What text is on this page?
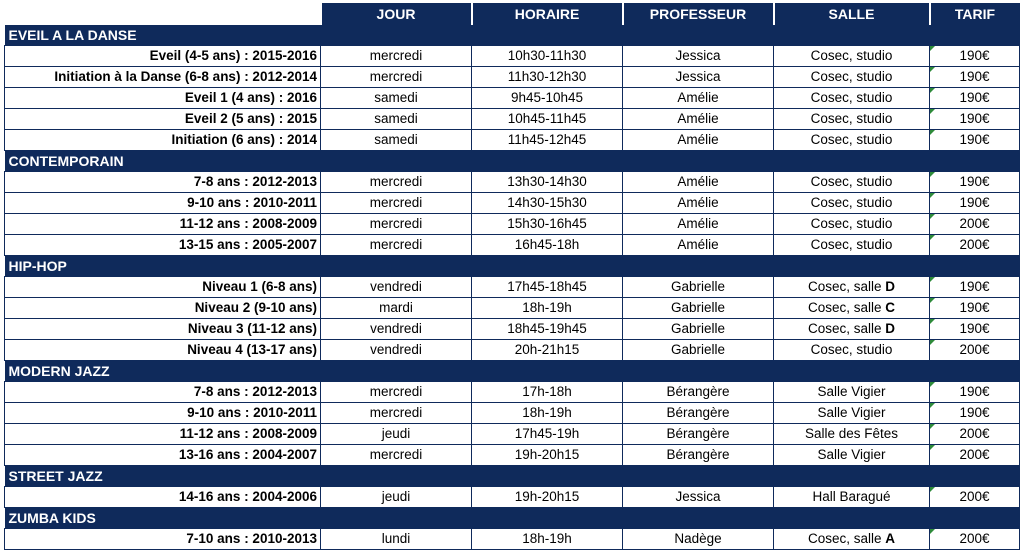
	JOUR	HORAIRE	PROFESSEUR	SALLE	TARIF
EVEIL A LA DANSE					
Eveil (4-5 ans) : 2015-2016	mercredi	10h30-11h30	Jessica	Cosec, studio	190€
Initiation à la Danse (6-8 ans) : 2012-2014	mercredi	11h30-12h30	Jessica	Cosec, studio	190€
Eveil 1 (4 ans) : 2016	samedi	9h45-10h45	Amélie	Cosec, studio	190€
Eveil 2 (5 ans) : 2015	samedi	10h45-11h45	Amélie	Cosec, studio	190€
Initiation (6 ans) : 2014	samedi	11h45-12h45	Amélie	Cosec, studio	190€
CONTEMPORAIN					
7-8 ans : 2012-2013	mercredi	13h30-14h30	Amélie	Cosec, studio	190€
9-10 ans : 2010-2011	mercredi	14h30-15h30	Amélie	Cosec, studio	190€
11-12 ans : 2008-2009	mercredi	15h30-16h45	Amélie	Cosec, studio	200€
13-15 ans : 2005-2007	mercredi	16h45-18h	Amélie	Cosec, studio	200€
HIP-HOP					
Niveau 1 (6-8 ans)	vendredi	17h45-18h45	Gabrielle	Cosec, salle D	190€
Niveau 2 (9-10 ans)	mardi	18h-19h	Gabrielle	Cosec, salle C	190€
Niveau 3 (11-12 ans)	vendredi	18h45-19h45	Gabrielle	Cosec, salle D	190€
Niveau 4 (13-17 ans)	vendredi	20h-21h15	Gabrielle	Cosec, studio	200€
MODERN JAZZ					
7-8 ans : 2012-2013	mercredi	17h-18h	Bérangère	Salle Vigier	190€
9-10 ans : 2010-2011	mercredi	18h-19h	Bérangère	Salle Vigier	190€
11-12 ans : 2008-2009	jeudi	17h45-19h	Bérangère	Salle des Fêtes	200€
13-16 ans : 2004-2007	mercredi	19h-20h15	Bérangère	Salle Vigier	200€
STREET JAZZ					
14-16 ans : 2004-2006	jeudi	19h-20h15	Jessica	Hall Baragué	200€
ZUMBA KIDS					
7-10 ans : 2010-2013	lundi	18h-19h	Nadège	Cosec, salle A	200€
